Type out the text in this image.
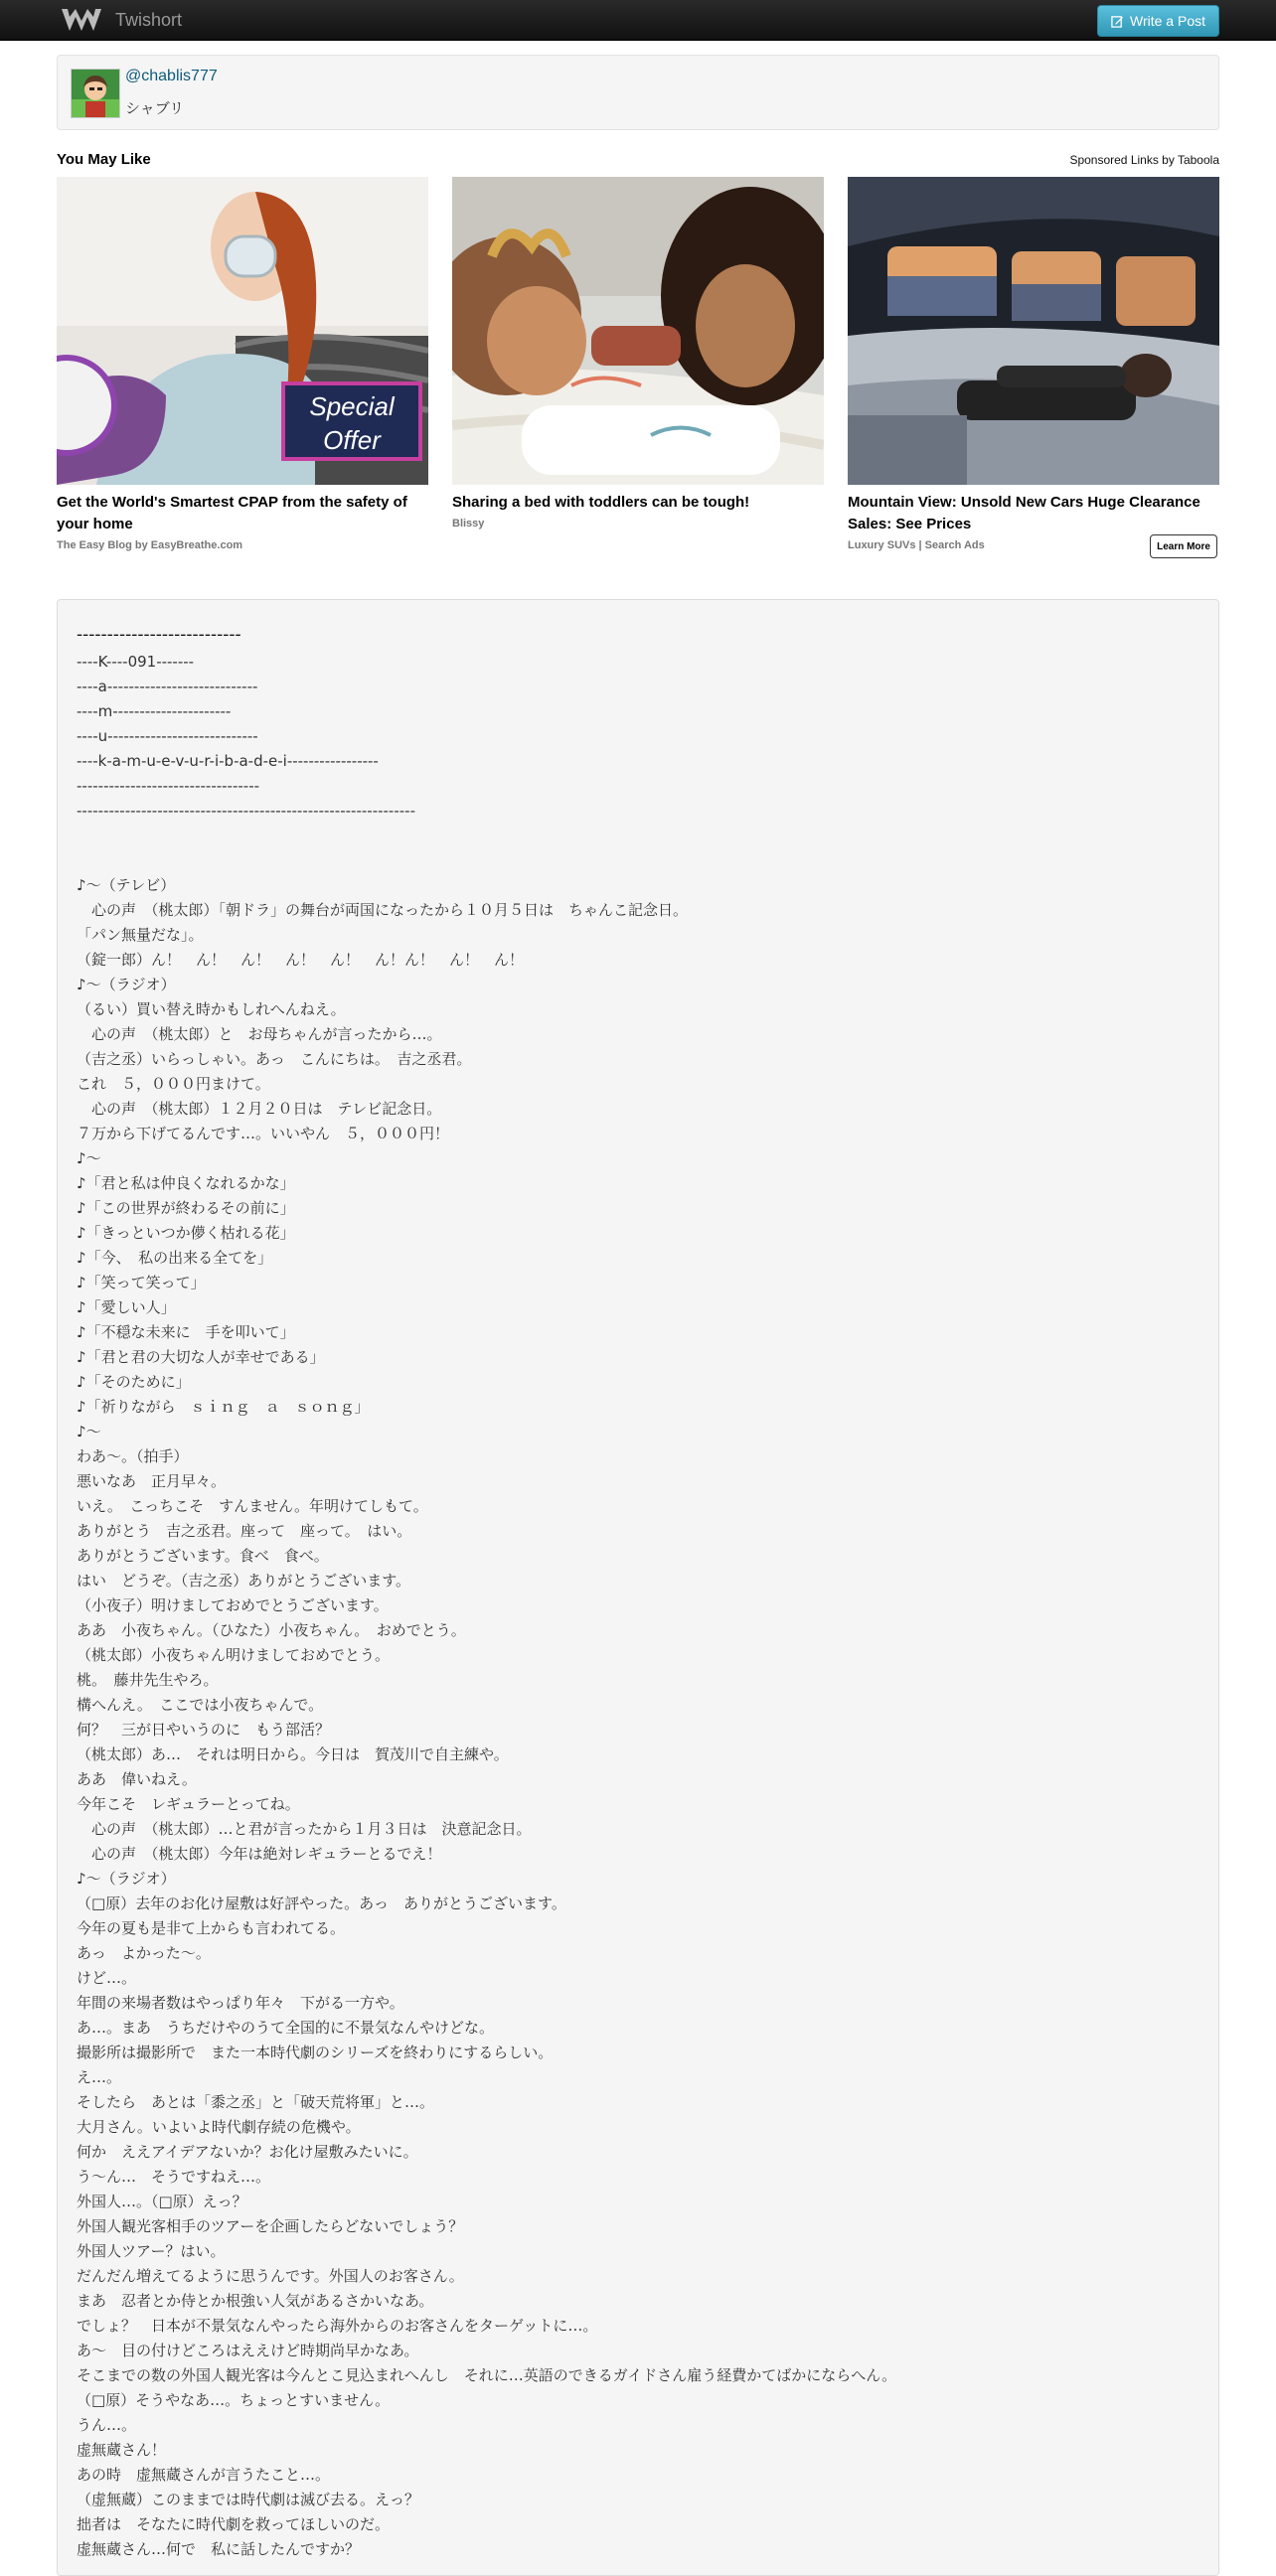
Twishort	Write a Post
@chablis777
シャブリ
You May Like	Sponsored Links by Taboola
Special
Offer
Get the World's Smartest CPAP from the safety of your home
The Easy Blog by EasyBreathe.com
Sharing a bed with toddlers can be tough!
Blissy
Mountain View: Unsold New Cars Huge Clearance Sales: See Prices
Luxury SUVs | Search Ads	Learn More
---------------------------
----K----091-------
----a----------------------------
----m----------------------
----u----------------------------
----k-a-m-u-e-v-u-r-i-b-a-d-e-i-----------------
----------------------------------
---------------------------------------------------------------
♪～（テレビ）
　心の声　（桃太郎）「朝ドラ」の舞台が両国になったから１０月５日は　ちゃんこ記念日。
「パン無量だな」。
（錠一郎）ん！　ん！　ん！　ん！　ん！　ん！ん！　ん！　ん！
♪～（ラジオ）
（るい）買い替え時かもしれへんねえ。
　心の声　（桃太郎）と　お母ちゃんが言ったから…。
（吉之丞）いらっしゃい。あっ　こんにちは。　吉之丞君。
これ　５，０００円まけて。
　心の声　（桃太郎）１２月２０日は　テレビ記念日。
７万から下げてるんです…。いいやん　５，０００円！
♪～
♪「君と私は仲良くなれるかな」
♪「この世界が終わるその前に」
♪「きっといつか儚く枯れる花」
♪「今、　私の出来る全てを」
♪「笑って笑って」
♪「愛しい人」
♪「不穏な未来に　手を叩いて」
♪「君と君の大切な人が幸せである」
♪「そのために」
♪「祈りながら　ｓｉｎｇ　ａ　ｓｏｎｇ」
♪～
わあ～。（拍手）
悪いなあ　正月早々。
いえ。　こっちこそ　すんません。年明けてしもて。
ありがとう　吉之丞君。座って　座って。　はい。
ありがとうございます。食べ　食べ。
はい　どうぞ。（吉之丞）ありがとうございます。
（小夜子）明けましておめでとうございます。
ああ　小夜ちゃん。（ひなた）小夜ちゃん。　おめでとう。
（桃太郎）小夜ちゃん明けましておめでとう。
桃。　藤井先生やろ。
構へんえ。　ここでは小夜ちゃんで。
何？　三が日やいうのに　もう部活？
（桃太郎）あ…　それは明日から。今日は　賀茂川で自主練や。
ああ　偉いねえ。
今年こそ　レギュラーとってね。
　心の声　（桃太郎）…と君が言ったから１月３日は　決意記念日。
　心の声　（桃太郎）今年は絶対レギュラーとるでえ！
♪～（ラジオ）
（□原）去年のお化け屋敷は好評やった。あっ　ありがとうございます。
今年の夏も是非て上からも言われてる。
あっ　よかった～。
けど…。
年間の来場者数はやっぱり年々　下がる一方や。
あ…。まあ　うちだけやのうて全国的に不景気なんやけどな。
撮影所は撮影所で　また一本時代劇のシリーズを終わりにするらしい。
え…。
そしたら　あとは「黍之丞」と「破天荒将軍」と…。
大月さん。いよいよ時代劇存続の危機や。
何か　ええアイデアないか？お化け屋敷みたいに。
う～ん…　そうですねえ…。
外国人…。（□原）えっ？
外国人観光客相手のツアーを企画したらどないでしょう？
外国人ツアー？はい。
だんだん増えてるように思うんです。外国人のお客さん。
まあ　忍者とか侍とか根強い人気があるさかいなあ。
でしょ？　日本が不景気なんやったら海外からのお客さんをターゲットに…。
あ～　目の付けどころはええけど時期尚早かなあ。
そこまでの数の外国人観光客は今んとこ見込まれへんし　それに…英語のできるガイドさん雇う経費かてばかにならへん。
（□原）そうやなあ…。ちょっとすいません。
うん…。
虚無蔵さん！
あの時　虚無蔵さんが言うたこと…。
（虚無蔵）このままでは時代劇は滅び去る。えっ？
拙者は　そなたに時代劇を救ってほしいのだ。
虚無蔵さん…何で　私に話したんですか？
